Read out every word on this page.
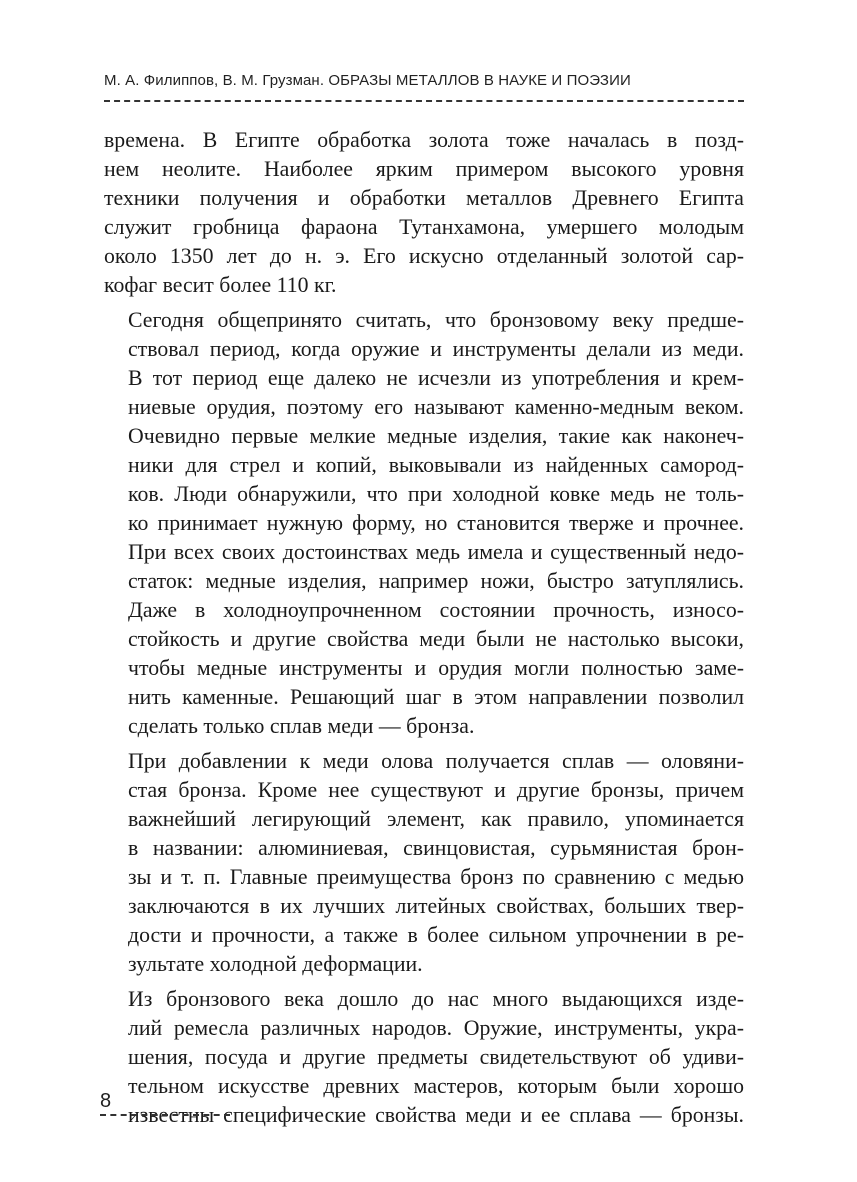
М. А. Филиппов, В. М. Грузман. ОБРАЗЫ МЕТАЛЛОВ В НАУКЕ И ПОЭЗИИ

времена. В Египте обработка золота тоже началась в позд-
нем неолите. Наиболее ярким примером высокого уровня
техники получения и обработки металлов Древнего Египта
служит гробница фараона Тутанхамона, умершего молодым
около 1350 лет до н. э. Его искусно отделанный золотой сар-
кофаг весит более 110 кг.

Сегодня общепринято считать, что бронзовому веку предше-
ствовал период, когда оружие и инструменты делали из меди.
В тот период еще далеко не исчезли из употребления и крем-
ниевые орудия, поэтому его называют каменно-медным веком.
Очевидно первые мелкие медные изделия, такие как наконеч-
ники для стрел и копий, выковывали из найденных самород-
ков. Люди обнаружили, что при холодной ковке медь не толь-
ко принимает нужную форму, но становится тверже и прочнее.
При всех своих достоинствах медь имела и существенный недо-
статок: медные изделия, например ножи, быстро затуплялись.
Даже в холодноупрочненном состоянии прочность, износо-
стойкость и другие свойства меди были не настолько высоки,
чтобы медные инструменты и орудия могли полностью заме-
нить каменные. Решающий шаг в этом направлении позволил
сделать только сплав меди — бронза.

При добавлении к меди олова получается сплав — оловяни-
стая бронза. Кроме нее существуют и другие бронзы, причем
важнейший легирующий элемент, как правило, упоминается
в названии: алюминиевая, свинцовистая, сурьмянистая брон-
зы и т. п. Главные преимущества бронз по сравнению с медью
заключаются в их лучших литейных свойствах, больших твер-
дости и прочности, а также в более сильном упрочнении в ре-
зультате холодной деформации.

Из бронзового века дошло до нас много выдающихся изде-
лий ремесла различных народов. Оружие, инструменты, укра-
шения, посуда и другие предметы свидетельствуют об удиви-
тельном искусстве древних мастеров, которым были хорошо
известны специфические свойства меди и ее сплава — бронзы.

8
